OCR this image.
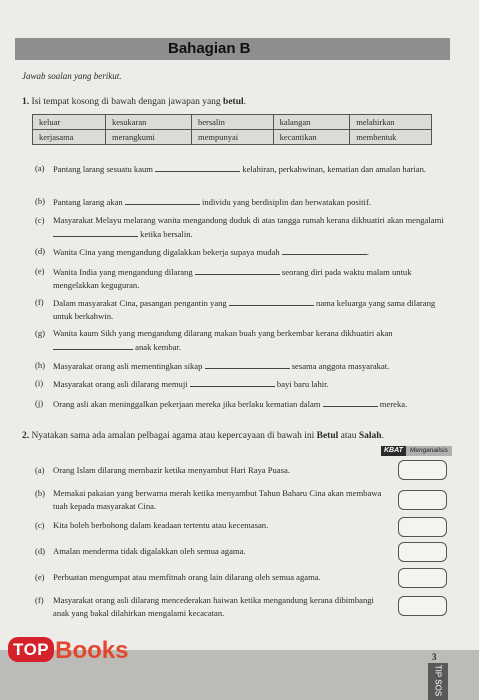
Bahagian B
Jawab soalan yang berikut.
1. Isi tempat kosong di bawah dengan jawapan yang betul.
keluar	kesukaran	bersalin	kalangan	melahirkan
kerjasama	merangkumi	mempunyai	kecantikan	membentuk
(a) Pantang larang sesuatu kaum	kelahiran, perkahwinan, kematian dan amalan harian.
(b) Pantang larang akan	individu yang berdisiplin dan berwatakan positif.
(c) Masyarakat Melayu melarang wanita mengandung duduk di atas tangga rumah kerana dikhuatiri akan mengalami  ketika bersalin.
(d) Wanita Cina yang mengandung digalakkan bekerja supaya mudah	.
(e) Wanita India yang mengandung dilarang	seorang diri pada waktu malam untuk mengelakkan keguguran.
(f) Dalam masyarakat Cina, pasangan pengantin yang	nama keluarga yang sama dilarang untuk berkahwin.
(g) Wanita kaum Sikh yang mengandung dilarang makan buah yang berkembar kerana dikhuatiri akan  anak kembar.
(h) Masyarakat orang asli mementingkan sikap	sesama anggota masyarakat.
(i) Masyarakat orang asli dilarang memuji	bayi baru lahir.
(j) Orang asli akan meninggalkan pekerjaan mereka jika berlaku kematian dalam	mereka.
2. Nyatakan sama ada amalan pelbagai agama atau kepercayaan di bawah ini Betul atau Salah.
KBAT	Menganalisis
(a) Orang Islam dilarang membazir ketika menyambut Hari Raya Puasa.
(b) Memakai pakaian yang berwarna merah ketika menyambut Tahun Baharu Cina akan membawa tuah kepada masyarakat Cina.
(c) Kita boleh berbohong dalam keadaan tertentu atau kecemasan.
(d) Amalan menderma tidak digalakkan oleh semua agama.
(e) Perbuatan mengumpat atau memfitnah orang lain dilarang oleh semua agama.
(f) Masyarakat orang asli dilarang mencederakan haiwan ketika mengandung kerana dibimbangi anak yang bakal dilahirkan mengalami kecacatan.
TOP Books	3
TIP SOS
